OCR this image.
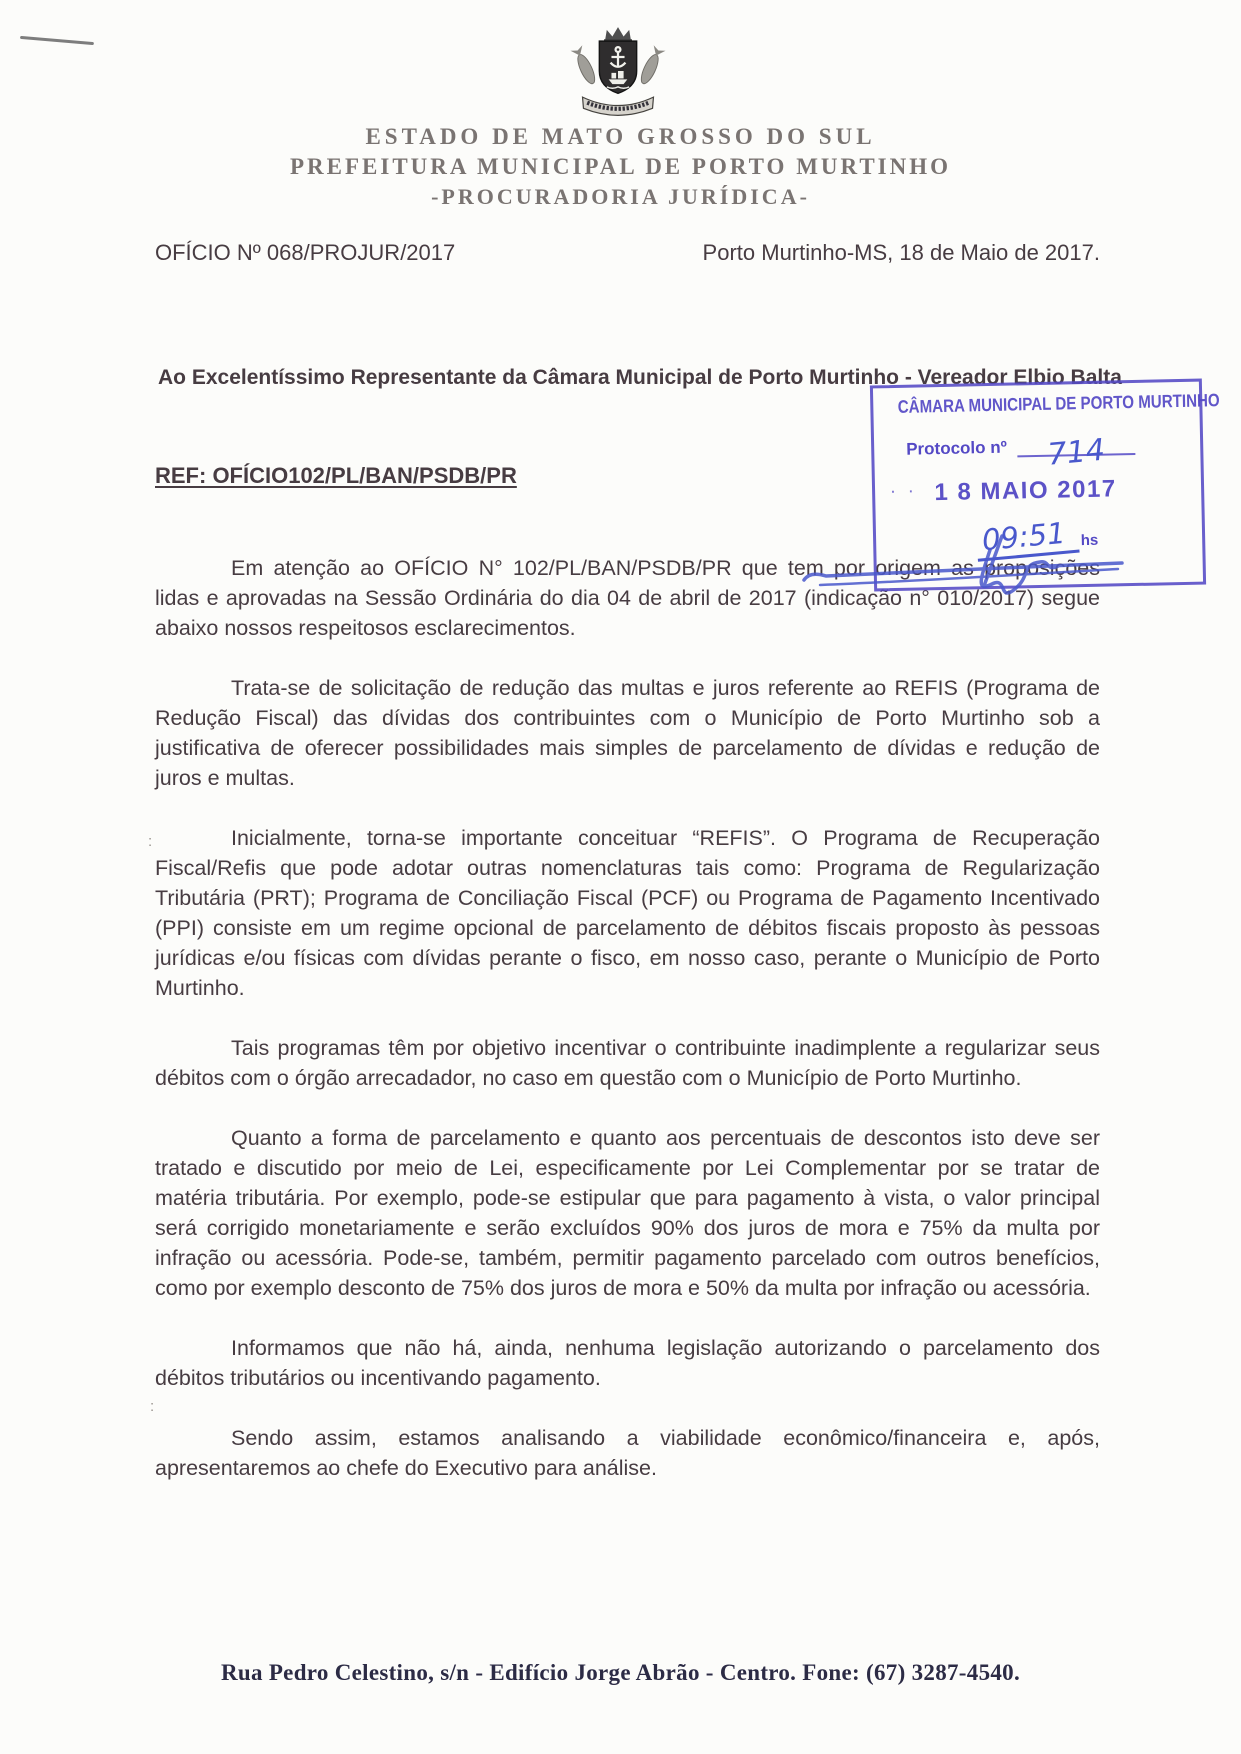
ESTADO DE MATO GROSSO DO SUL
PREFEITURA MUNICIPAL DE PORTO MURTINHO
-PROCURADORIA JURÍDICA-
OFÍCIO Nº 068/PROJUR/2017	Porto Murtinho-MS, 18 de Maio de 2017.
Ao Excelentíssimo Representante da Câmara Municipal de Porto Murtinho - Vereador Elbio Balta
CÂMARA MUNICIPAL DE PORTO MURTINHO
Protocolo nº 714
· · 1 8 MAIO 2017
09:51 hs
REF: OFÍCIO102/PL/BAN/PSDB/PR

Em atenção ao OFÍCIO N° 102/PL/BAN/PSDB/PR que tem por origem as proposições lidas e aprovadas na Sessão Ordinária do dia 04 de abril de 2017 (indicação n° 010/2017) segue abaixo nossos respeitosos esclarecimentos.

Trata-se de solicitação de redução das multas e juros referente ao REFIS (Programa de Redução Fiscal) das dívidas dos contribuintes com o Município de Porto Murtinho sob a justificativa de oferecer possibilidades mais simples de parcelamento de dívidas e redução de juros e multas.

Inicialmente, torna-se importante conceituar “REFIS”. O Programa de Recuperação Fiscal/Refis que pode adotar outras nomenclaturas tais como: Programa de Regularização Tributária (PRT); Programa de Conciliação Fiscal (PCF) ou Programa de Pagamento Incentivado (PPI) consiste em um regime opcional de parcelamento de débitos fiscais proposto às pessoas jurídicas e/ou físicas com dívidas perante o fisco, em nosso caso, perante o Município de Porto Murtinho.

Tais programas têm por objetivo incentivar o contribuinte inadimplente a regularizar seus débitos com o órgão arrecadador, no caso em questão com o Município de Porto Murtinho.

Quanto a forma de parcelamento e quanto aos percentuais de descontos isto deve ser tratado e discutido por meio de Lei, especificamente por Lei Complementar por se tratar de matéria tributária. Por exemplo, pode-se estipular que para pagamento à vista, o valor principal será corrigido monetariamente e serão excluídos 90% dos juros de mora e 75% da multa por infração ou acessória. Pode-se, também, permitir pagamento parcelado com outros benefícios, como por exemplo desconto de 75% dos juros de mora e 50% da multa por infração ou acessória.

Informamos que não há, ainda, nenhuma legislação autorizando o parcelamento dos débitos tributários ou incentivando pagamento.

Sendo assim, estamos analisando a viabilidade econômico/financeira e, após, apresentaremos ao chefe do Executivo para análise.

:
:
Rua Pedro Celestino, s/n - Edifício Jorge Abrão - Centro. Fone: (67) 3287-4540.
